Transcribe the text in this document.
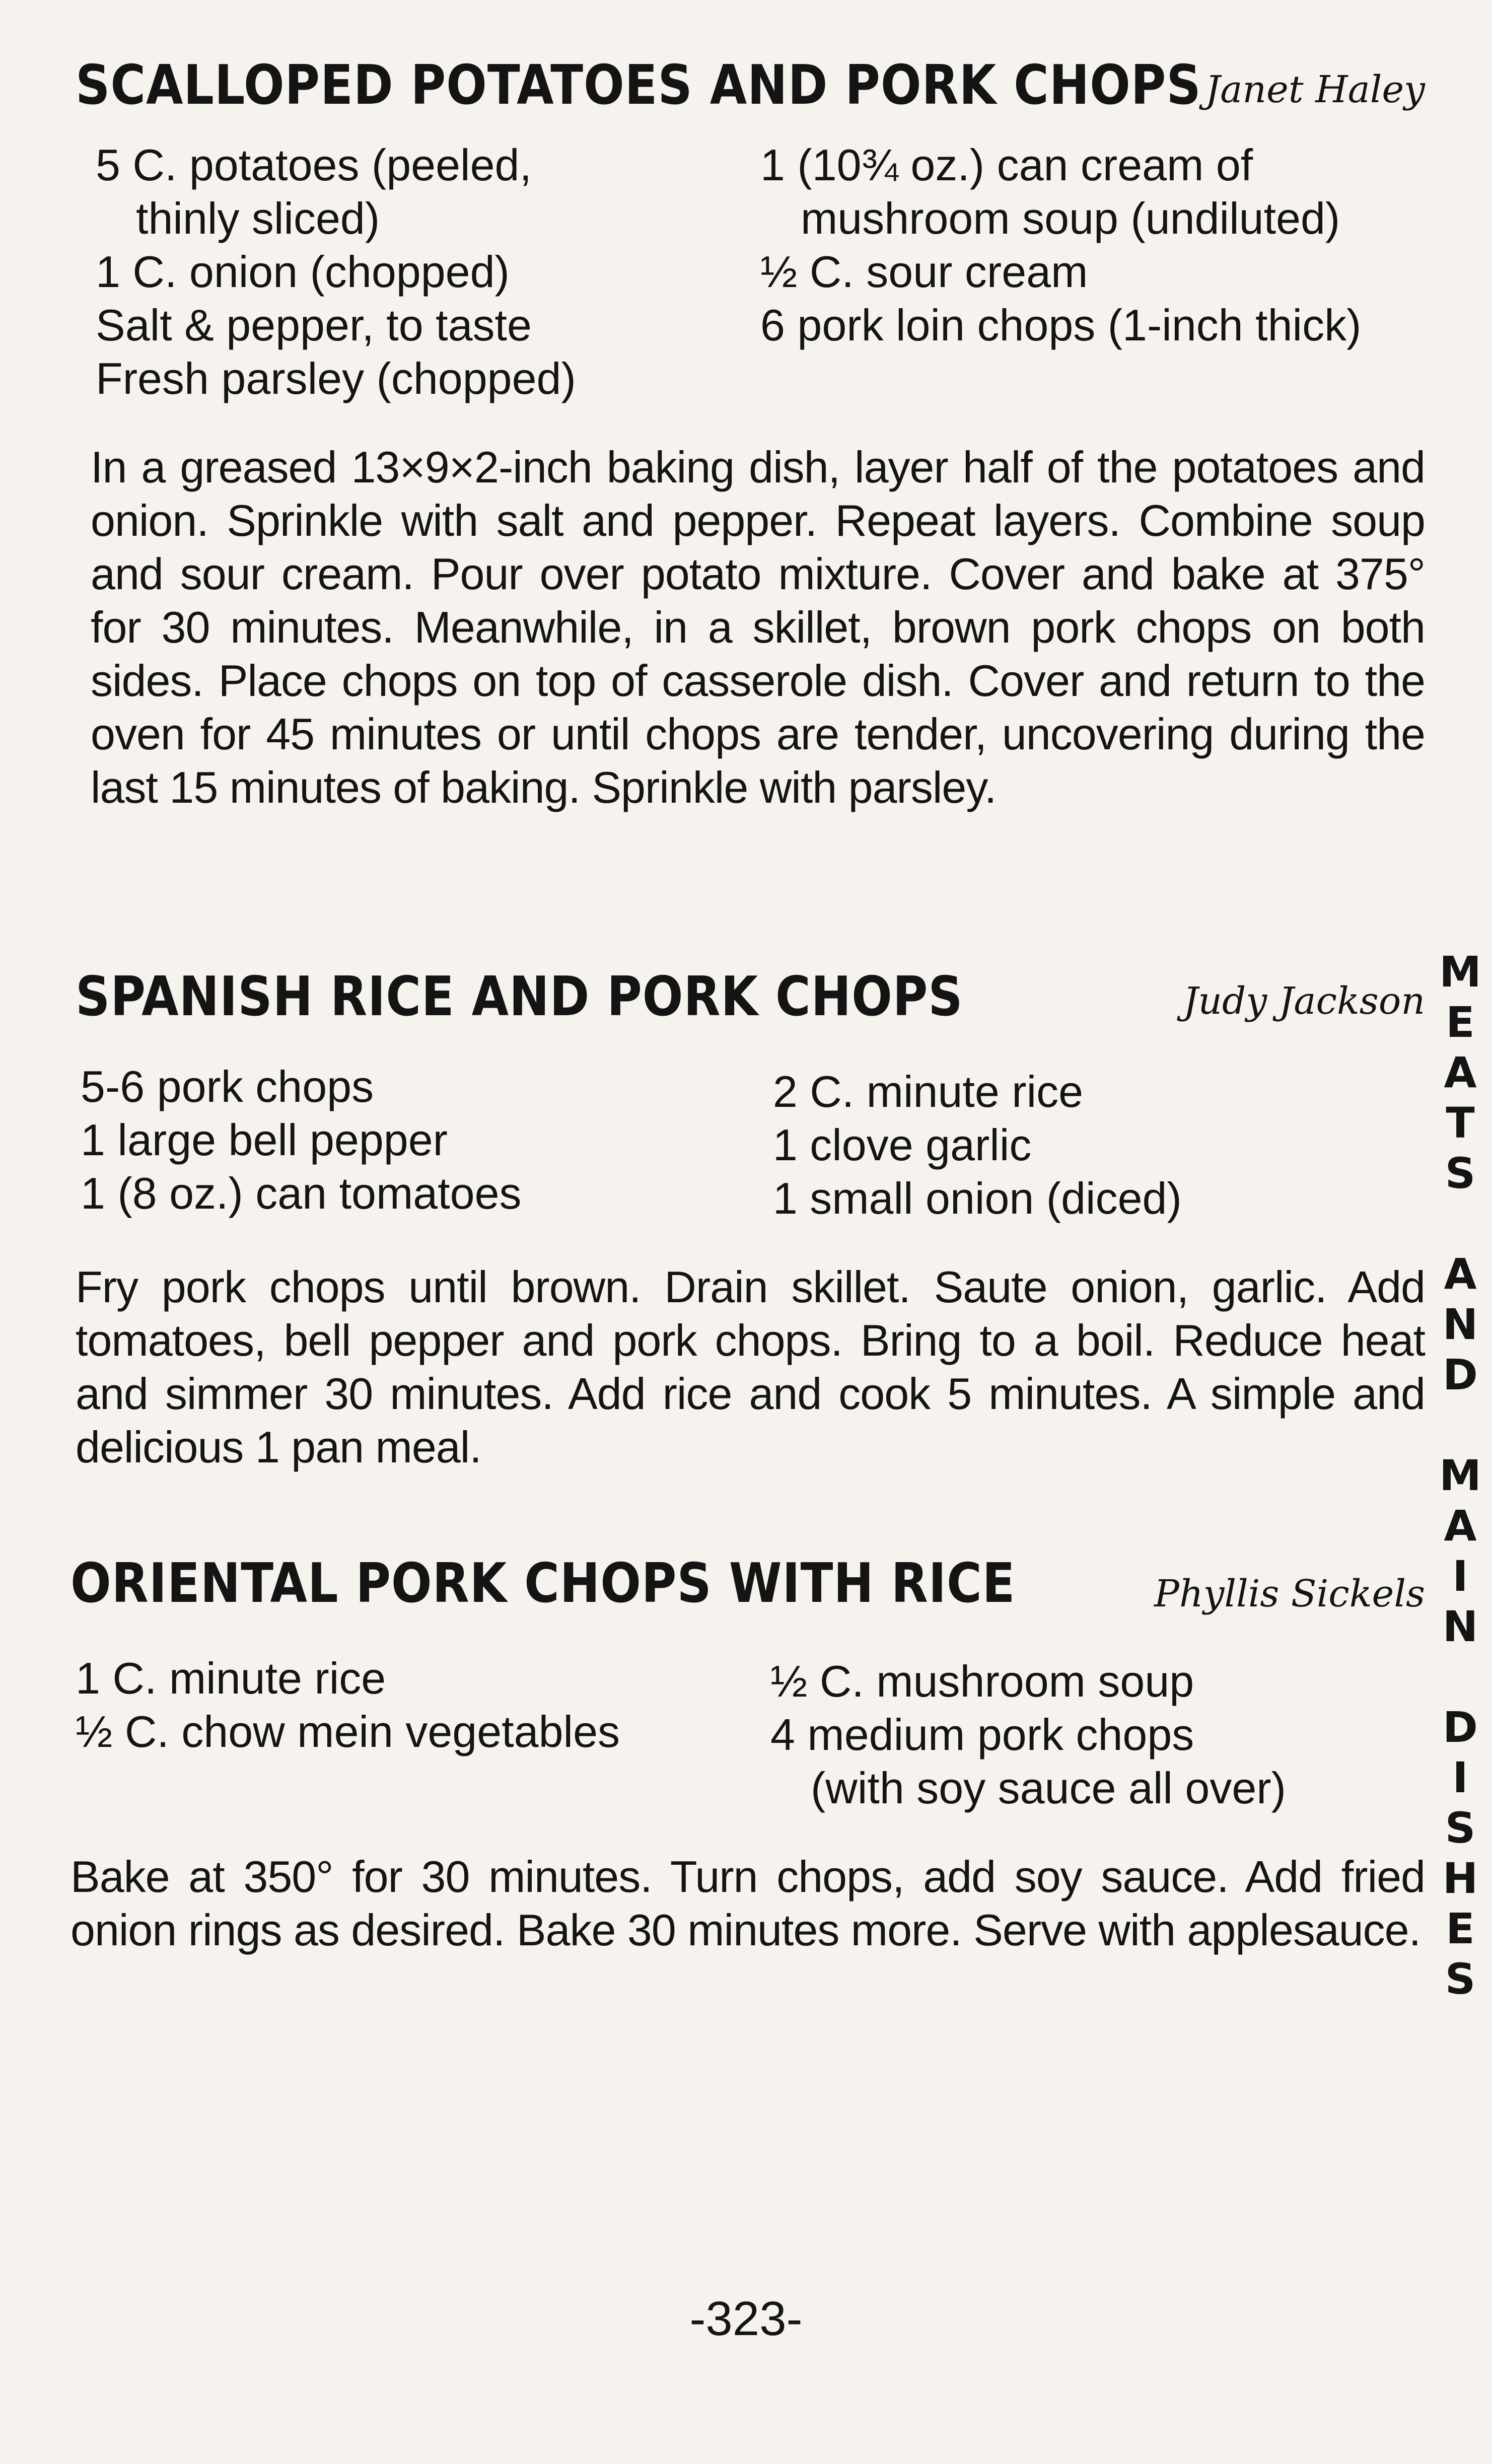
SCALLOPED POTATOES AND PORK CHOPS Janet Haley
5 C. potatoes (peeled,
thinly sliced)
1 C. onion (chopped)
Salt & pepper, to taste
Fresh parsley (chopped)
1 (10¾ oz.) can cream of
mushroom soup (undiluted)
½ C. sour cream
6 pork loin chops (1-inch thick)

In a greased 13×9×2-inch baking dish, layer half of the potatoes and onion. Sprinkle with salt and pepper. Repeat layers. Combine soup and sour cream. Pour over potato mixture. Cover and bake at 375° for 30 minutes. Meanwhile, in a skillet, brown pork chops on both sides. Place chops on top of casserole dish. Cover and return to the oven for 45 minutes or until chops are tender, uncovering during the last 15 minutes of baking. Sprinkle with parsley.

SPANISH RICE AND PORK CHOPS	Judy Jackson
5-6 pork chops
1 large bell pepper
1 (8 oz.) can tomatoes
2 C. minute rice
1 clove garlic
1 small onion (diced)

Fry pork chops until brown. Drain skillet. Saute onion, garlic. Add tomatoes, bell pepper and pork chops. Bring to a boil. Reduce heat and simmer 30 minutes. Add rice and cook 5 minutes. A simple and delicious 1 pan meal.

ORIENTAL PORK CHOPS WITH RICE	Phyllis Sickels
1 C. minute rice
½ C. chow mein vegetables
½ C. mushroom soup
4 medium pork chops
(with soy sauce all over)

Bake at 350° for 30 minutes. Turn chops, add soy sauce. Add fried onion rings as desired. Bake 30 minutes more. Serve with applesauce.

M
E
A
T
S
A
N
D
M
A
I
N
D
I
S
H
E
S
-323-
